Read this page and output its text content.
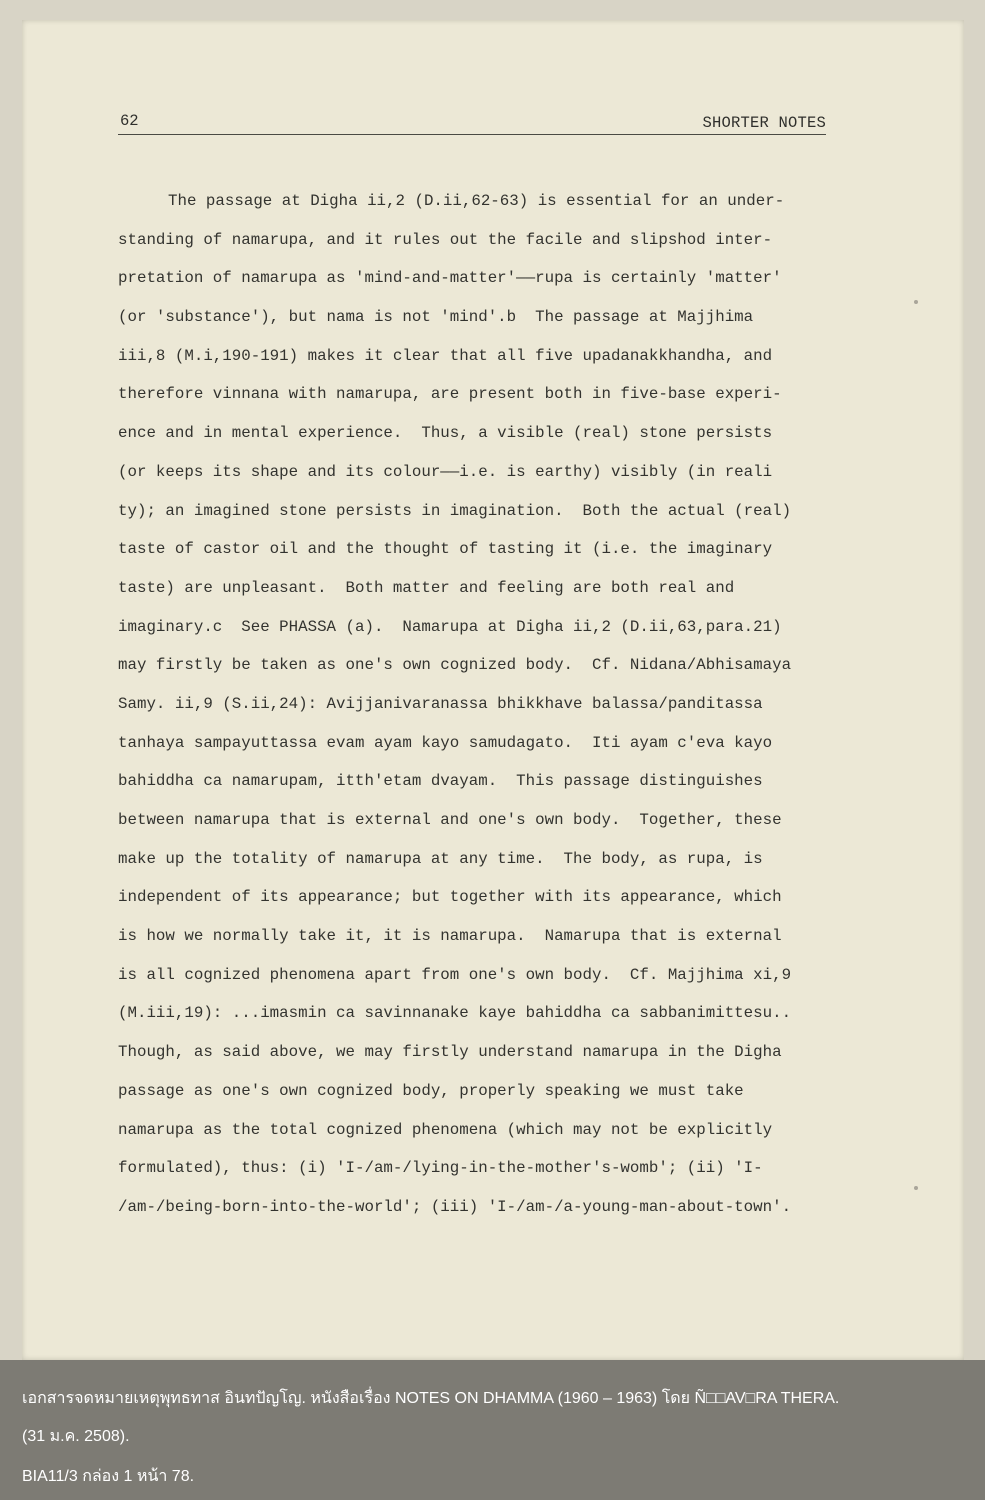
62	SHORTER NOTES
The passage at Digha ii,2 (D.ii,62-63) is essential for an under-
standing of namarupa, and it rules out the facile and slipshod inter-
pretation of namarupa as 'mind-and-matter'——rupa is certainly 'matter'
(or 'substance'), but nama is not 'mind'.b  The passage at Majjhima
iii,8 (M.i,190-191) makes it clear that all five upadanakkhandha, and
therefore vinnana with namarupa, are present both in five-base experi-
ence and in mental experience.  Thus, a visible (real) stone persists
(or keeps its shape and its colour——i.e. is earthy) visibly (in reali
ty); an imagined stone persists in imagination.  Both the actual (real)
taste of castor oil and the thought of tasting it (i.e. the imaginary
taste) are unpleasant.  Both matter and feeling are both real and
imaginary.c  See PHASSA (a).  Namarupa at Digha ii,2 (D.ii,63,para.21)
may firstly be taken as one's own cognized body.  Cf. Nidana/Abhisamaya
Samy. ii,9 (S.ii,24): Avijjanivaranassa bhikkhave balassa/panditassa
tanhaya sampayuttassa evam ayam kayo samudagato.  Iti ayam c'eva kayo
bahiddha ca namarupam, itth'etam dvayam.  This passage distinguishes
between namarupa that is external and one's own body.  Together, these
make up the totality of namarupa at any time.  The body, as rupa, is
independent of its appearance; but together with its appearance, which
is how we normally take it, it is namarupa.  Namarupa that is external
is all cognized phenomena apart from one's own body.  Cf. Majjhima xi,9
(M.iii,19): ...imasmin ca savinnanake kaye bahiddha ca sabbanimittesu..
Though, as said above, we may firstly understand namarupa in the Digha
passage as one's own cognized body, properly speaking we must take
namarupa as the total cognized phenomena (which may not be explicitly
formulated), thus: (i) 'I-/am-/lying-in-the-mother's-womb'; (ii) 'I-
/am-/being-born-into-the-world'; (iii) 'I-/am-/a-young-man-about-town'.
เอกสารจดหมายเหตุพุทธทาส อินทปัญโญ. หนังสือเรื่อง NOTES ON DHAMMA (1960 – 1963) โดย Ñ□□AV□RA THERA.
(31 ม.ค. 2508).
BIA11/3 กล่อง 1 หน้า 78.
